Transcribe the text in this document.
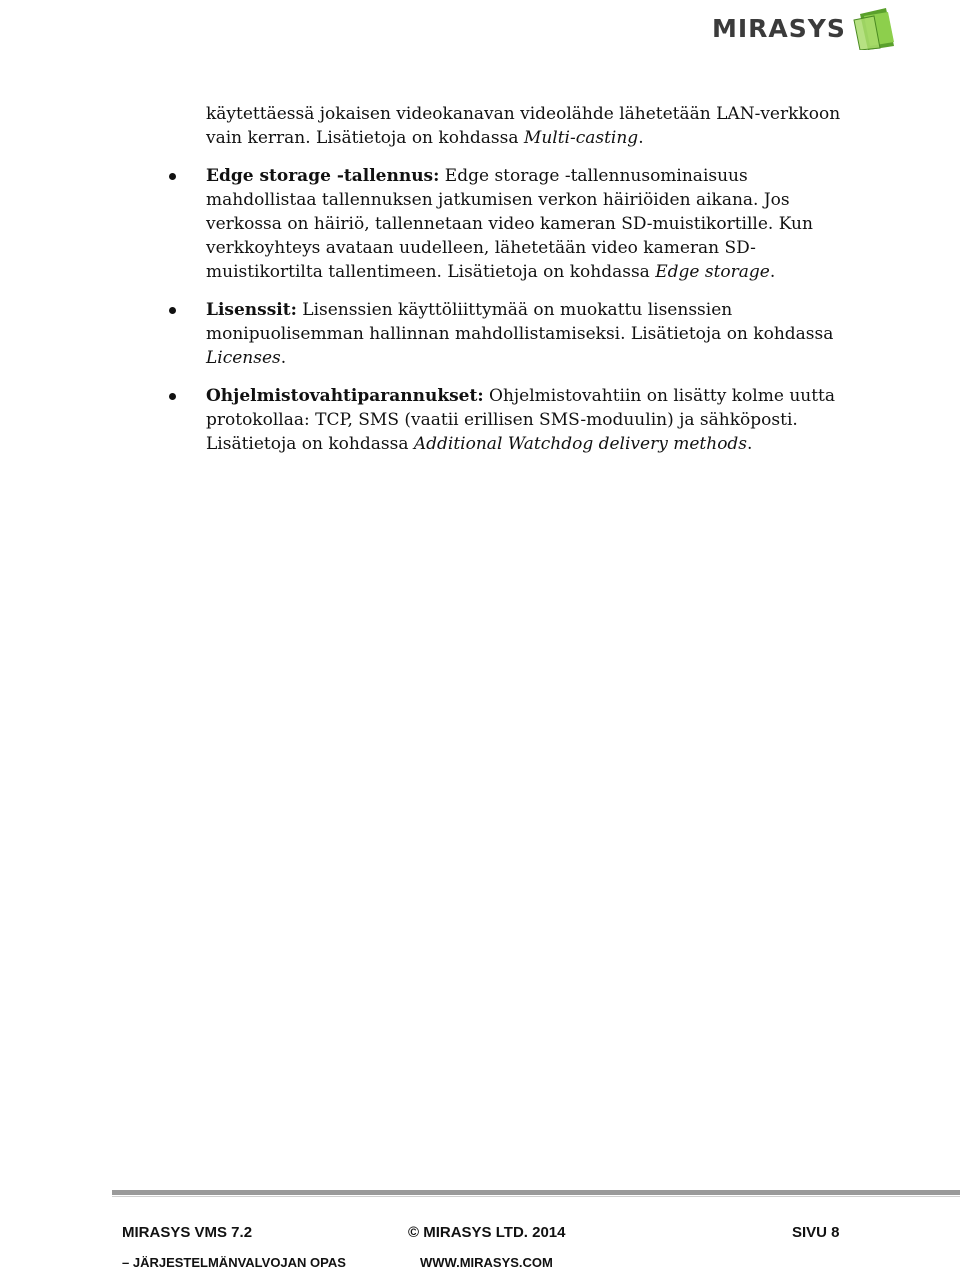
MIRASYS
käytettäessä jokaisen videokanavan videolähde lähetetään LAN-verkkoon vain kerran. Lisätietoja on kohdassa Multi-casting.
Edge storage -tallennus: Edge storage -tallennusominaisuus mahdollistaa tallennuksen jatkumisen verkon häiriöiden aikana. Jos verkossa on häiriö, tallennetaan video kameran SD-muistikortille. Kun verkkoyhteys avataan uudelleen, lähetetään video kameran SD-muistikortilta tallentimeen. Lisätietoja on kohdassa Edge storage.
Lisenssit: Lisenssien käyttöliittymää on muokattu lisenssien monipuolisemman hallinnan mahdollistamiseksi. Lisätietoja on kohdassa Licenses.
Ohjelmistovahtiparannukset: Ohjelmistovahtiin on lisätty kolme uutta protokollaa: TCP, SMS (vaatii erillisen SMS-moduulin) ja sähköposti. Lisätietoja on kohdassa Additional Watchdog delivery methods.
MIRASYS VMS 7.2	© MIRASYS LTD. 2014	SIVU 8
– JÄRJESTELMÄNVALVOJAN OPAS	WWW.MIRASYS.COM
